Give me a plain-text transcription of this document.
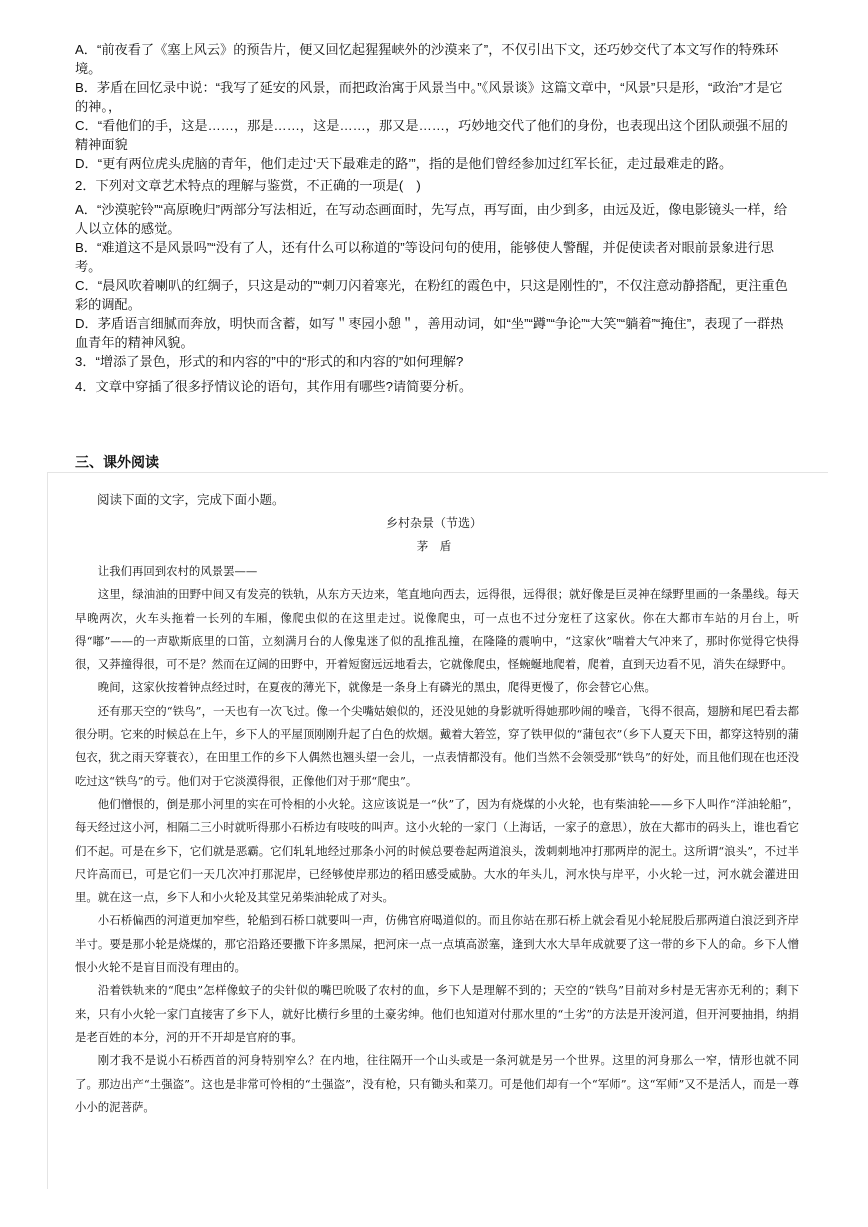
A．“前夜看了《塞上风云》的预告片，便又回忆起猩猩峡外的沙漠来了”，不仅引出下文，还巧妙交代了本文写作的特殊环境。

B．茅盾在回忆录中说：“我写了延安的风景，而把政治寓于风景当中。”《风景谈》这篇文章中，“风景”只是形，“政治”才是它的神。，

C．“看他们的手，这是……，那是……，这是……，那又是……，巧妙地交代了他们的身份，也表现出这个团队顽强不屈的精神面貌

D．“更有两位虎头虎脑的青年，他们走过‘天下最难走的路’”，指的是他们曾经参加过红军长征，走过最难走的路。

2．下列对文章艺术特点的理解与鉴赏，不正确的一项是(　)

A．“沙漠驼铃”“高原晚归”两部分写法相近，在写动态画面时，先写点，再写面，由少到多，由远及近，像电影镜头一样，给人以立体的感觉。

B．“难道这不是风景吗”“没有了人，还有什么可以称道的”等设问句的使用，能够使人警醒，并促使读者对眼前景象进行思考。

C．“晨风吹着喇叭的红绸子，只这是动的”“刺刀闪着寒光，在粉红的霞色中，只这是刚性的”，不仅注意动静搭配，更注重色彩的调配。

D．茅盾语言细腻而奔放，明快而含蓄，如写＂枣园小憩＂，善用动词，如“坐”“蹲”“争论”“大笑”“躺着”“掩住”，表现了一群热血青年的精神风貌。

3．“增添了景色，形式的和内容的”中的“形式的和内容的”如何理解?

4．文章中穿插了很多抒情议论的语句，其作用有哪些?请简要分析。

三、课外阅读

阅读下面的文字，完成下面小题。

乡村杂景（节选）

茅　盾

让我们再回到农村的风景罢——

这里，绿油油的田野中间又有发亮的铁轨，从东方天边来，笔直地向西去，远得很，远得很；就好像是巨灵神在绿野里画的一条墨线。每天早晚两次，火车头拖着一长列的车厢，像爬虫似的在这里走过。说像爬虫，可一点也不过分宠枉了这家伙。你在大都市车站的月台上，听得“嘟”——的一声歇斯底里的口笛，立刻满月台的人像鬼迷了似的乱推乱撞，在隆隆的震响中，“这家伙”喘着大气冲来了，那时你觉得它快得很，又莽撞得很，可不是？然而在辽阔的田野中，开着短窗远远地看去，它就像爬虫，怪蜿蜒地爬着，爬着，直到天边看不见，消失在绿野中。

晚间，这家伙按着钟点经过时，在夏夜的薄光下，就像是一条身上有磷光的黑虫，爬得更慢了，你会替它心焦。

还有那天空的“铁鸟”，一天也有一次飞过。像一个尖嘴姑娘似的，还没见她的身影就听得她那吵闹的噪音，飞得不很高，翅膀和尾巴看去都很分明。它来的时候总在上午，乡下人的平屋顶刚刚升起了白色的炊烟。戴着大箬笠，穿了铁甲似的“蒲包衣”（乡下人夏天下田，都穿这特别的蒲包衣，犹之雨天穿蓑衣），在田里工作的乡下人偶然也翘头望一会儿，一点表情都没有。他们当然不会领受那“铁鸟”的好处，而且他们现在也还没吃过这“铁鸟”的亏。他们对于它淡漠得很，正像他们对于那“爬虫”。

他们憎恨的，倒是那小河里的实在可怜相的小火轮。这应该说是一“伙”了，因为有烧煤的小火轮，也有柴油轮——乡下人叫作“洋油轮船”，每天经过这小河，相隔二三小时就听得那小石桥边有吱吱的叫声。这小火轮的一家门（上海话，一家子的意思），放在大都市的码头上，谁也看它们不起。可是在乡下，它们就是恶霸。它们轧轧地经过那条小河的时候总要卷起两道浪头，泼刺刺地冲打那两岸的泥土。这所谓“浪头”，不过半尺许高而已，可是它们一天几次冲打那泥岸，已经够使岸那边的稻田感受威胁。大水的年头儿，河水快与岸平，小火轮一过，河水就会灌进田里。就在这一点，乡下人和小火轮及其堂兄弟柴油轮成了对头。

小石桥偏西的河道更加窄些，轮船到石桥口就要叫一声，仿佛官府喝道似的。而且你站在那石桥上就会看见小轮屁股后那两道白浪泛到齐岸半寸。要是那小轮是烧煤的，那它沿路还要撒下许多黑屎，把河床一点一点填高淤塞，逢到大水大旱年成就要了这一带的乡下人的命。乡下人憎恨小火轮不是盲目而没有理由的。

沿着铁轨来的“爬虫”怎样像蚊子的尖针似的嘴巴吮吸了农村的血，乡下人是理解不到的；天空的“铁鸟”目前对乡村是无害亦无利的；剩下来，只有小火轮一家门直接害了乡下人，就好比横行乡里的土豪劣绅。他们也知道对付那水里的“土劣”的方法是开浚河道，但开河要抽捐，纳捐是老百姓的本分，河的开不开却是官府的事。

刚才我不是说小石桥西首的河身特别窄么？在内地，往往隔开一个山头或是一条河就是另一个世界。这里的河身那么一窄，情形也就不同了。那边出产“土强盗”。这也是非常可怜相的“土强盗”，没有枪，只有锄头和菜刀。可是他们却有一个“军师”。这“军师”又不是活人，而是一尊小小的泥菩萨。
